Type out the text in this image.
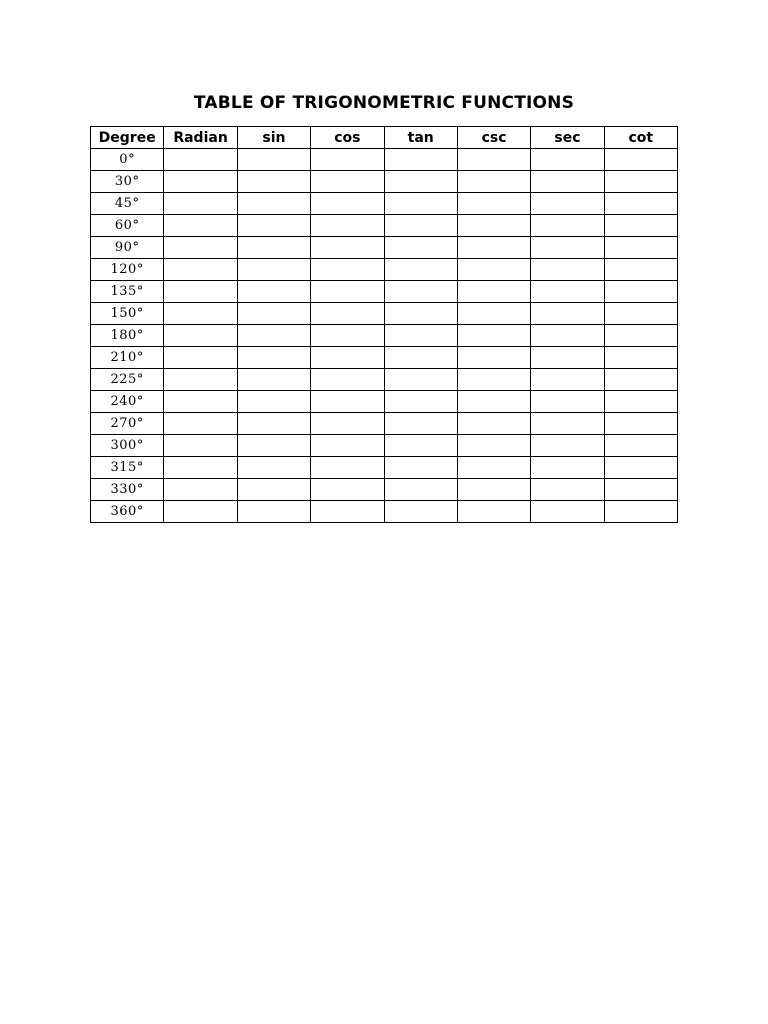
TABLE OF TRIGONOMETRIC FUNCTIONS
Degree	Radian	sin	cos	tan	csc	sec	cot
0°							
30°							
45°							
60°							
90°							
120°							
135°							
150°							
180°							
210°							
225°							
240°							
270°							
300°							
315°							
330°							
360°							
